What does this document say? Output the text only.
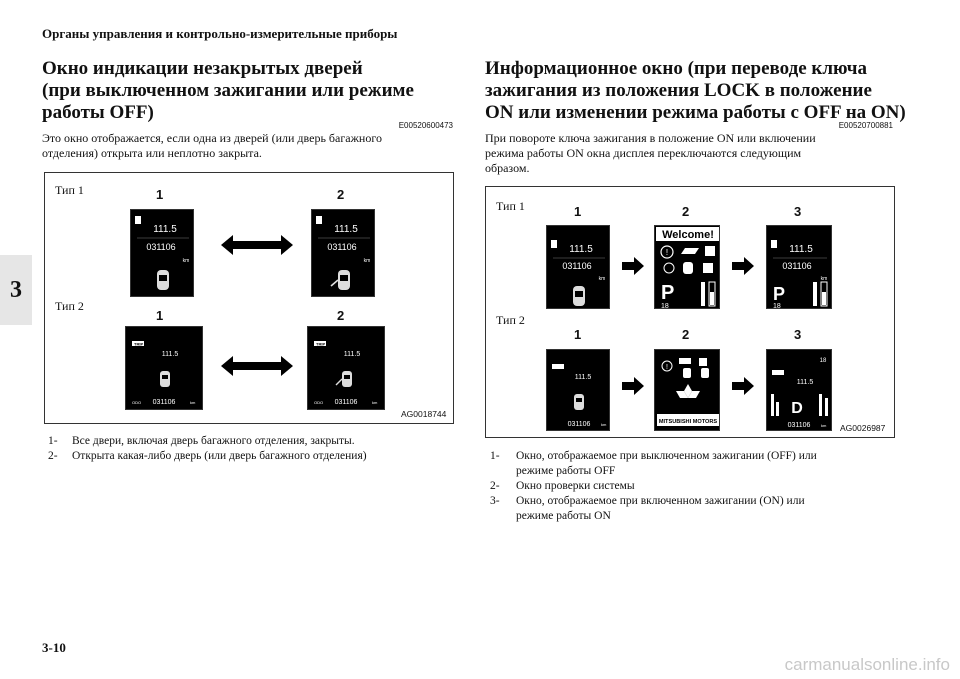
Органы управления и контрольно-измерительные приборы
3
Окно индикации незакрытых дверей
(при выключенном зажигании или режиме
работы OFF)
E00520600473
Это окно отображается, если одна из дверей (или дверь багажного
отделения) открыта или неплотно закрыта.
Тип 1
Тип 2
1	2
1	2
111.5
031106
km
111.5
031106
km
TRIP
111.5
ODO 031106	km
TRIP
111.5
ODO 031106	km
AG0018744
1-	Все двери, включая дверь багажного отделения, закрыты.
2-	Открыта какая-либо дверь (или дверь багажного отделения)
Информационное окно (при переводе ключа
зажигания из положения LOCK в положение
ON или изменении режима работы с OFF на ON)
E00520700881
При повороте ключа зажигания в положение ON или включении
режима работы ON окна дисплея переключаются следующим
образом.
Тип 1
Тип 2
1	2	3
1	2	3
111.5
031106
km
Welcome!
!
P
18
111.5
031106
km
P
18
111.5
031106	km
!
MITSUBISHI MOTORS
18
111.5
D
031106	km AG0026987
1-	Окно, отображаемое при выключенном зажигании (OFF) или
режиме работы OFF
2-	Окно проверки системы
3-	Окно, отображаемое при включенном зажигании (ON) или
режиме работы ON
3-10
carmanualsonline.info
